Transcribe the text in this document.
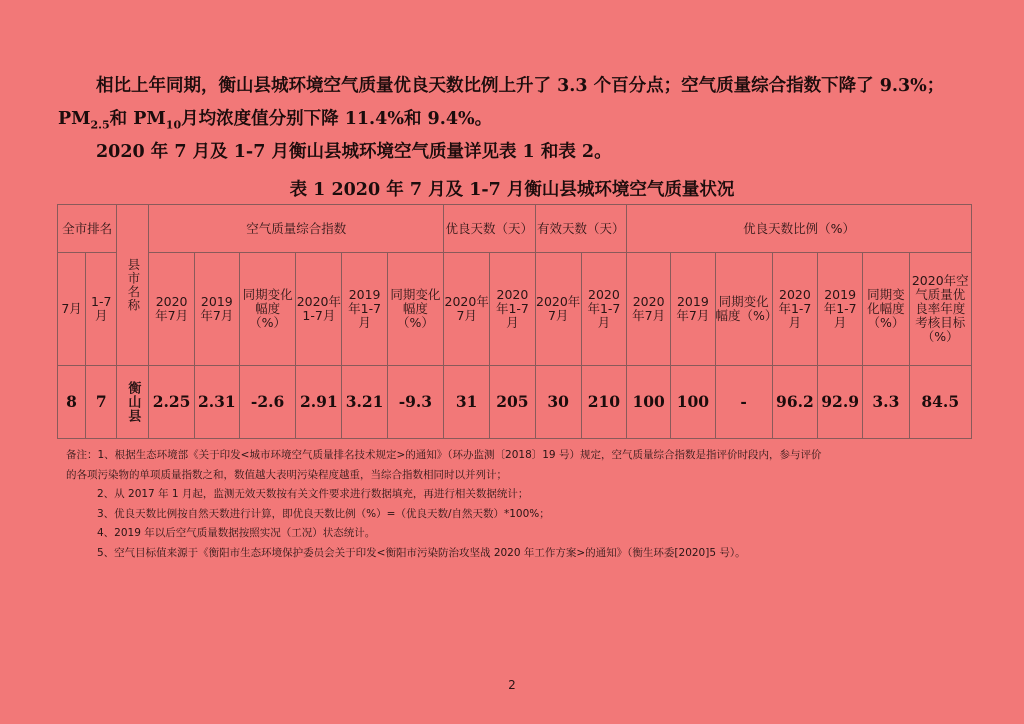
相比上年同期，衡山县城环境空气质量优良天数比例上升了 3.3 个百分点；空气质量综合指数下降了 9.3%；$PM_{2.5}$和 $PM_{10}$月均浓度值分别下降 11.4%和 9.4%。
2020 年 7 月及 1-7 月衡山县城环境空气质量详见表 1 和表 2。
表 1 2020 年 7 月及 1-7 月衡山县城环境空气质量状况
全市排名		县市名称	空气质量综合指数						优良天数（天）		有效天数（天）		优良天数比例（%）						
7月	1-7月		2020年7月	2019年7月	同期变化幅度（%）	2020年1-7月	2019年1-7月	同期变化幅度（%）	2020年7月	2020年1-7月	2020年7月	2020年1-7月	2020年7月	2019年7月	同期变化幅度（%）	2020年1-7月	2019年1-7月	同期变化幅度（%）	2020年空气质量优良率年度考核目标（%）
8	7	衡山县	2.25	2.31	-2.6	2.91	3.21	-9.3	31	205	30	210	100	100	-	96.2	92.9	3.3	84.5
备注：1、根据生态环境部《关于印发<城市环境空气质量排名技术规定>的通知》（环办监测〔2018〕19 号）规定，空气质量综合指数是指评价时段内，参与评价
的各项污染物的单项质量指数之和，数值越大表明污染程度越重，当综合指数相同时以并列计；
2、从 2017 年 1 月起，监测无效天数按有关文件要求进行数据填充，再进行相关数据统计；
3、优良天数比例按自然天数进行计算，即优良天数比例（%）=（优良天数/自然天数）*100%；
4、2019 年以后空气质量数据按照实况（工况）状态统计。
5、空气目标值来源于《衡阳市生态环境保护委员会关于印发<衡阳市污染防治攻坚战 2020 年工作方案>的通知》（衡生环委[2020]5 号）。
2
